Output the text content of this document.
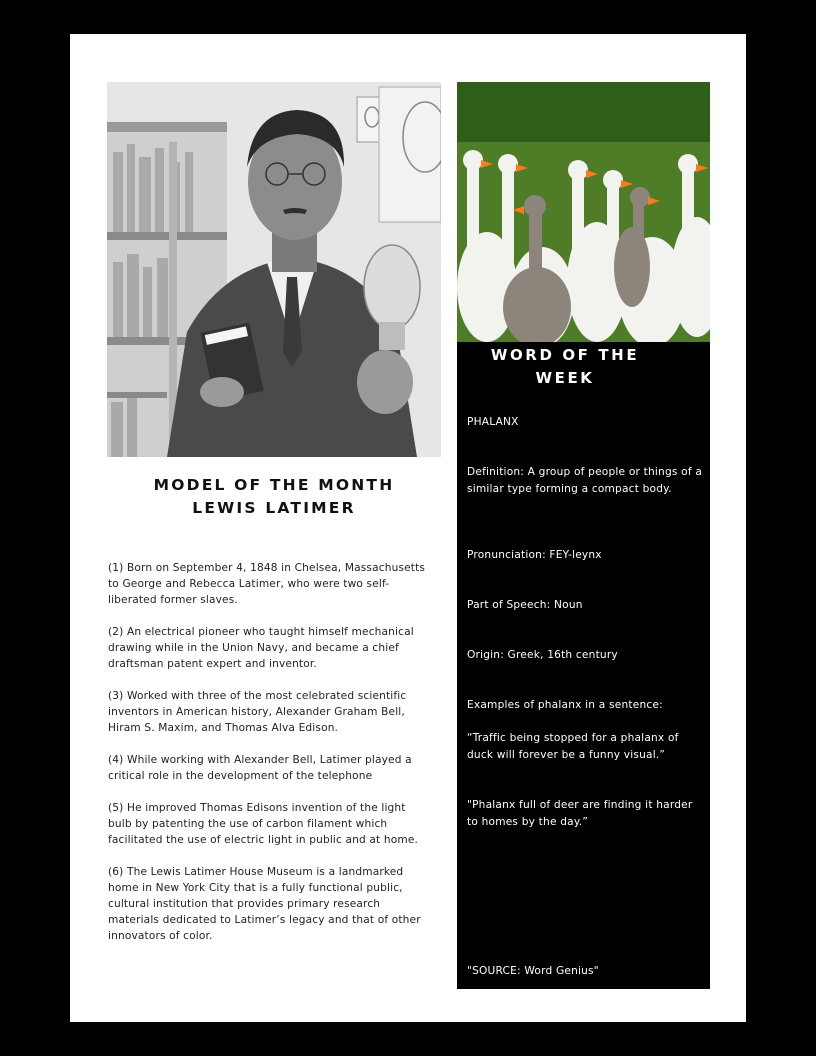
MODEL OF THE MONTH
LEWIS LATIMER

(1) Born on September 4, 1848 in Chelsea, Massachusetts to George and Rebecca Latimer, who were two self-liberated former slaves.

(2) An electrical pioneer who taught himself mechanical drawing while in the Union Navy, and became a chief draftsman patent expert and inventor.

(3) Worked with three of the most celebrated scientific inventors in American history, Alexander Graham Bell, Hiram S. Maxim, and Thomas Alva Edison.

(4) While working with Alexander Bell, Latimer played a critical role in the development of the telephone

(5) He improved Thomas Edisons invention of the light bulb by patenting the use of carbon filament which facilitated the use of electric light in public and at home.

(6) The Lewis Latimer House Museum is a landmarked home in New York City that is a fully functional public, cultural institution that provides primary research materials dedicated to Latimer’s legacy and that of other innovators of color.

WORD OF THE
WEEK
PHALANX
Definition: A group of people or things of a similar type forming a compact body.
Pronunciation: FEY-leynx
Part of Speech: Noun
Origin: Greek, 16th century
Examples of phalanx in a sentence:
“Traffic being stopped for a phalanx of duck will forever be a funny visual.”
"Phalanx full of deer are finding it harder to homes by the day.”
"SOURCE: Word Genius"
